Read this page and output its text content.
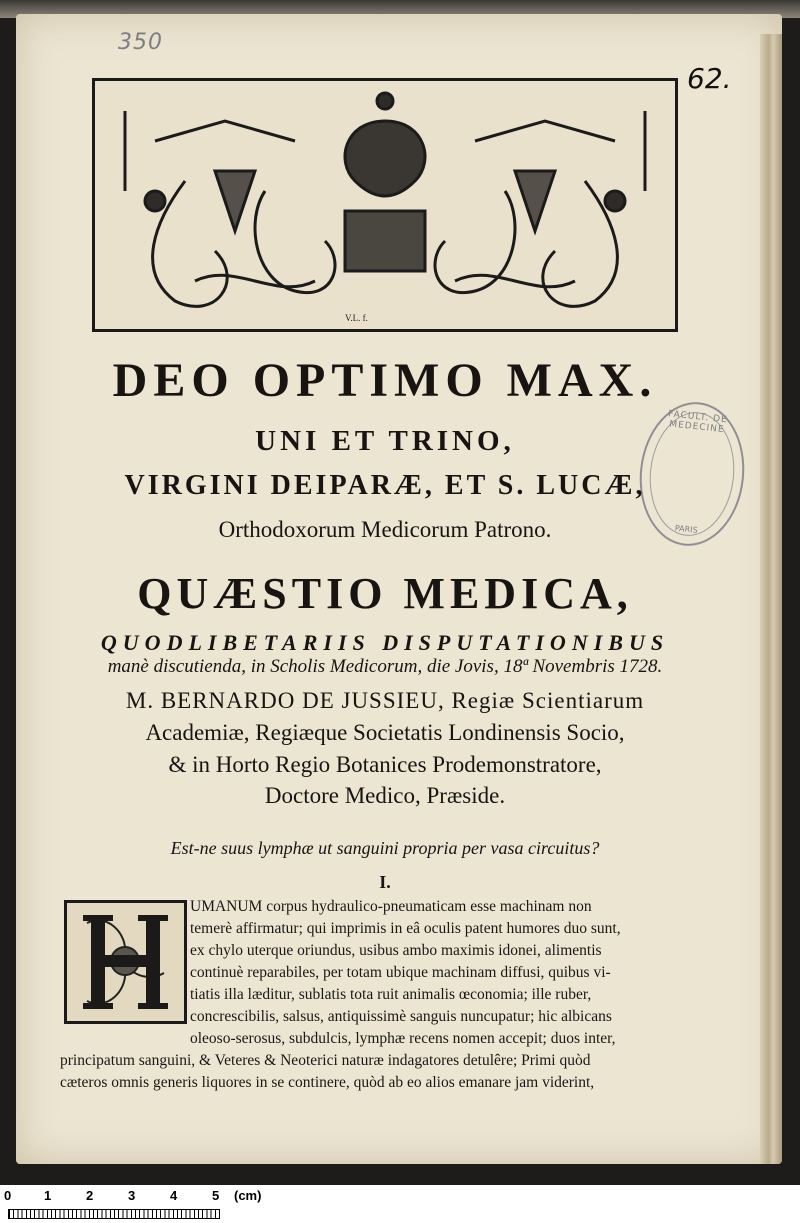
350
62.
V.L. f.
FACULT. DE MEDECINE
PARIS
DEO OPTIMO MAX.
UNI ET TRINO,
VIRGINI DEIPARÆ, ET S. LUCÆ,
Orthodoxorum Medicorum Patrono.
QUÆSTIO MEDICA,
QUODLIBETARIIS DISPUTATIONIBUS
manè discutienda, in Scholis Medicorum, die Jovis, 18ª Novembris 1728.
M. BERNARDO DE JUSSIEU, Regiæ Scientiarum
Academiæ, Regiæque Societatis Londinensis Socio,
& in Horto Regio Botanices Prodemonstratore,
Doctore Medico, Præside.
Est-ne suus lymphæ ut sanguini propria per vasa circuitus?
I.
UMANUM corpus hydraulico-pneumaticam esse machinam non
temerè affirmatur; qui imprimis in eâ oculis patent humores duo sunt,
ex chylo uterque oriundus, usibus ambo maximis idonei, alimentis
continuè reparabiles, per totam ubique machinam diffusi, quibus vi-
tiatis illa læditur, sublatis tota ruit animalis œconomia; ille ruber,
concrescibilis, salsus, antiquissimè sanguis nuncupatur; hic albicans
oleoso-serosus, subdulcis, lymphæ recens nomen accepit; duos inter,
principatum sanguini, & Veteres & Neoterici naturæ indagatores detulêre; Primi quòd
cæteros omnis generis liquores in se continere, quòd ab eo alios emanare jam viderint,
0	1	2	3	4	5 (cm)
